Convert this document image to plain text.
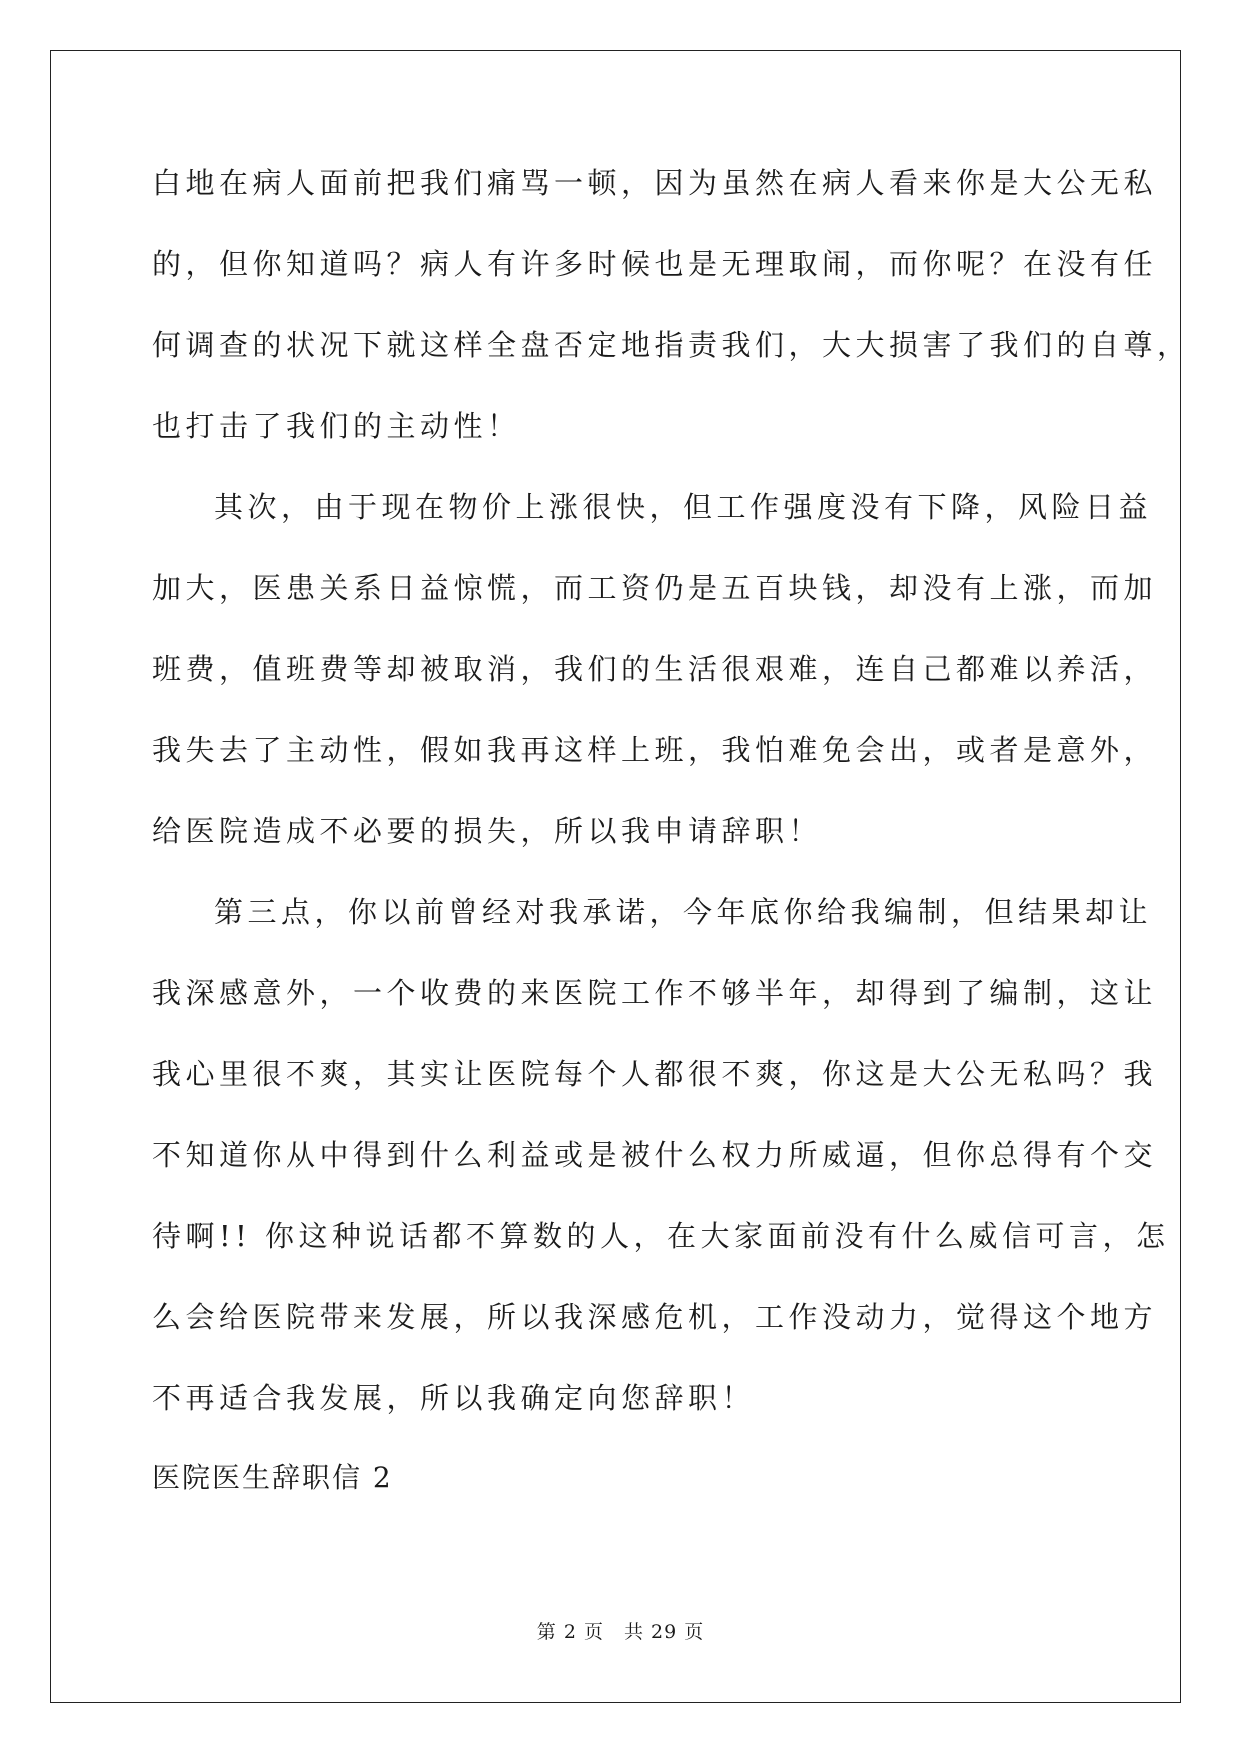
白地在病人面前把我们痛骂一顿，因为虽然在病人看来你是大公无私
的，但你知道吗？病人有许多时候也是无理取闹，而你呢？在没有任
何调查的状况下就这样全盘否定地指责我们，大大损害了我们的自尊，
也打击了我们的主动性！
其次，由于现在物价上涨很快，但工作强度没有下降，风险日益
加大，医患关系日益惊慌，而工资仍是五百块钱，却没有上涨，而加
班费，值班费等却被取消，我们的生活很艰难，连自己都难以养活，
我失去了主动性，假如我再这样上班，我怕难免会出，或者是意外，
给医院造成不必要的损失，所以我申请辞职！
第三点，你以前曾经对我承诺，今年底你给我编制，但结果却让
我深感意外，一个收费的来医院工作不够半年，却得到了编制，这让
我心里很不爽，其实让医院每个人都很不爽，你这是大公无私吗？我
不知道你从中得到什么利益或是被什么权力所威逼，但你总得有个交
待啊!! 你这种说话都不算数的人，在大家面前没有什么威信可言，怎
么会给医院带来发展，所以我深感危机，工作没动力，觉得这个地方
不再适合我发展，所以我确定向您辞职！
医院医生辞职信 2
第 2 页　共 29 页
